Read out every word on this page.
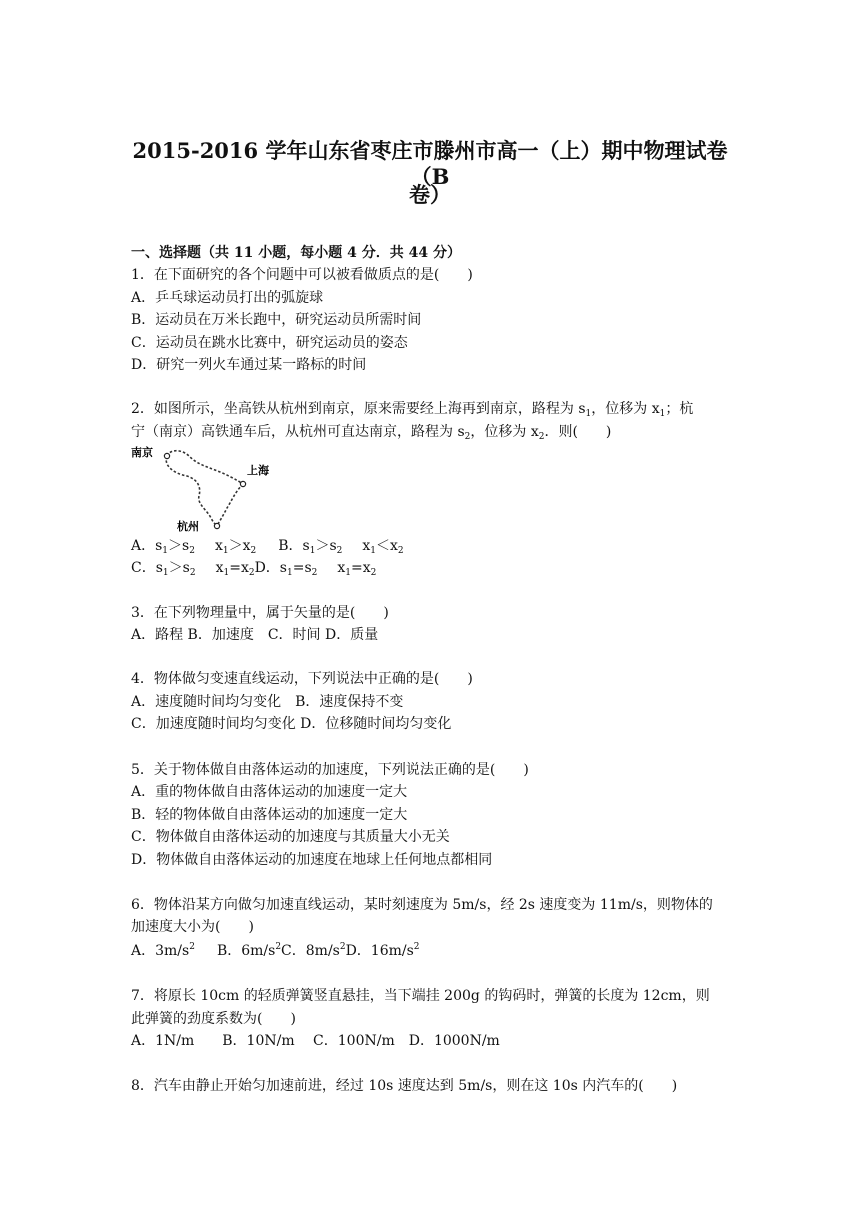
2015-2016 学年山东省枣庄市滕州市高一（上）期中物理试卷（B
卷）
一、选择题（共 11 小题，每小题 4 分．共 44 分）
1．在下面研究的各个问题中可以被看做质点的是(　　)
A．乒乓球运动员打出的弧旋球
B．运动员在万米长跑中，研究运动员所需时间
C．运动员在跳水比赛中，研究运动员的姿态
D．研究一列火车通过某一路标的时间
2．如图所示，坐高铁从杭州到南京，原来需要经上海再到南京，路程为 $s_1$，位移为 $x_1$；杭
宁（南京）高铁通车后，从杭州可直达南京，路程为 $s_2$，位移为 $x_2$．则(　　)
南京
上海
杭州
A．$s_1>s_2$ $x_1>x_2$ B．$s_1>s_2$ $x_1<x_2$
C．$s_1>s_2$ $x_1=x_2D$．$s_1=s_2$ $x_1=x_2$
3．在下列物理量中，属于矢量的是(　　)
A．路程 B．加速度　C．时间 D．质量
4．物体做匀变速直线运动，下列说法中正确的是(　　)
A．速度随时间均匀变化　B．速度保持不变
C．加速度随时间均匀变化 D．位移随时间均匀变化
5．关于物体做自由落体运动的加速度，下列说法正确的是(　　)
A．重的物体做自由落体运动的加速度一定大
B．轻的物体做自由落体运动的加速度一定大
C．物体做自由落体运动的加速度与其质量大小无关
D．物体做自由落体运动的加速度在地球上任何地点都相同
6．物体沿某方向做匀加速直线运动，某时刻速度为 5m/s，经 2s 速度变为 11m/s，则物体的
加速度大小为(　　)
A．$3m/s^2$ B．$6m/s^2C$．$8m/s^2D$．$16m/s^2$
7．将原长 10cm 的轻质弹簧竖直悬挂，当下端挂 200g 的钩码时，弹簧的长度为 12cm，则
此弹簧的劲度系数为(　　)
A．1N/m　　B．10N/m　 C．100N/m　D．1000N/m
8．汽车由静止开始匀加速前进，经过 10s 速度达到 5m/s，则在这 10s 内汽车的(　　)
